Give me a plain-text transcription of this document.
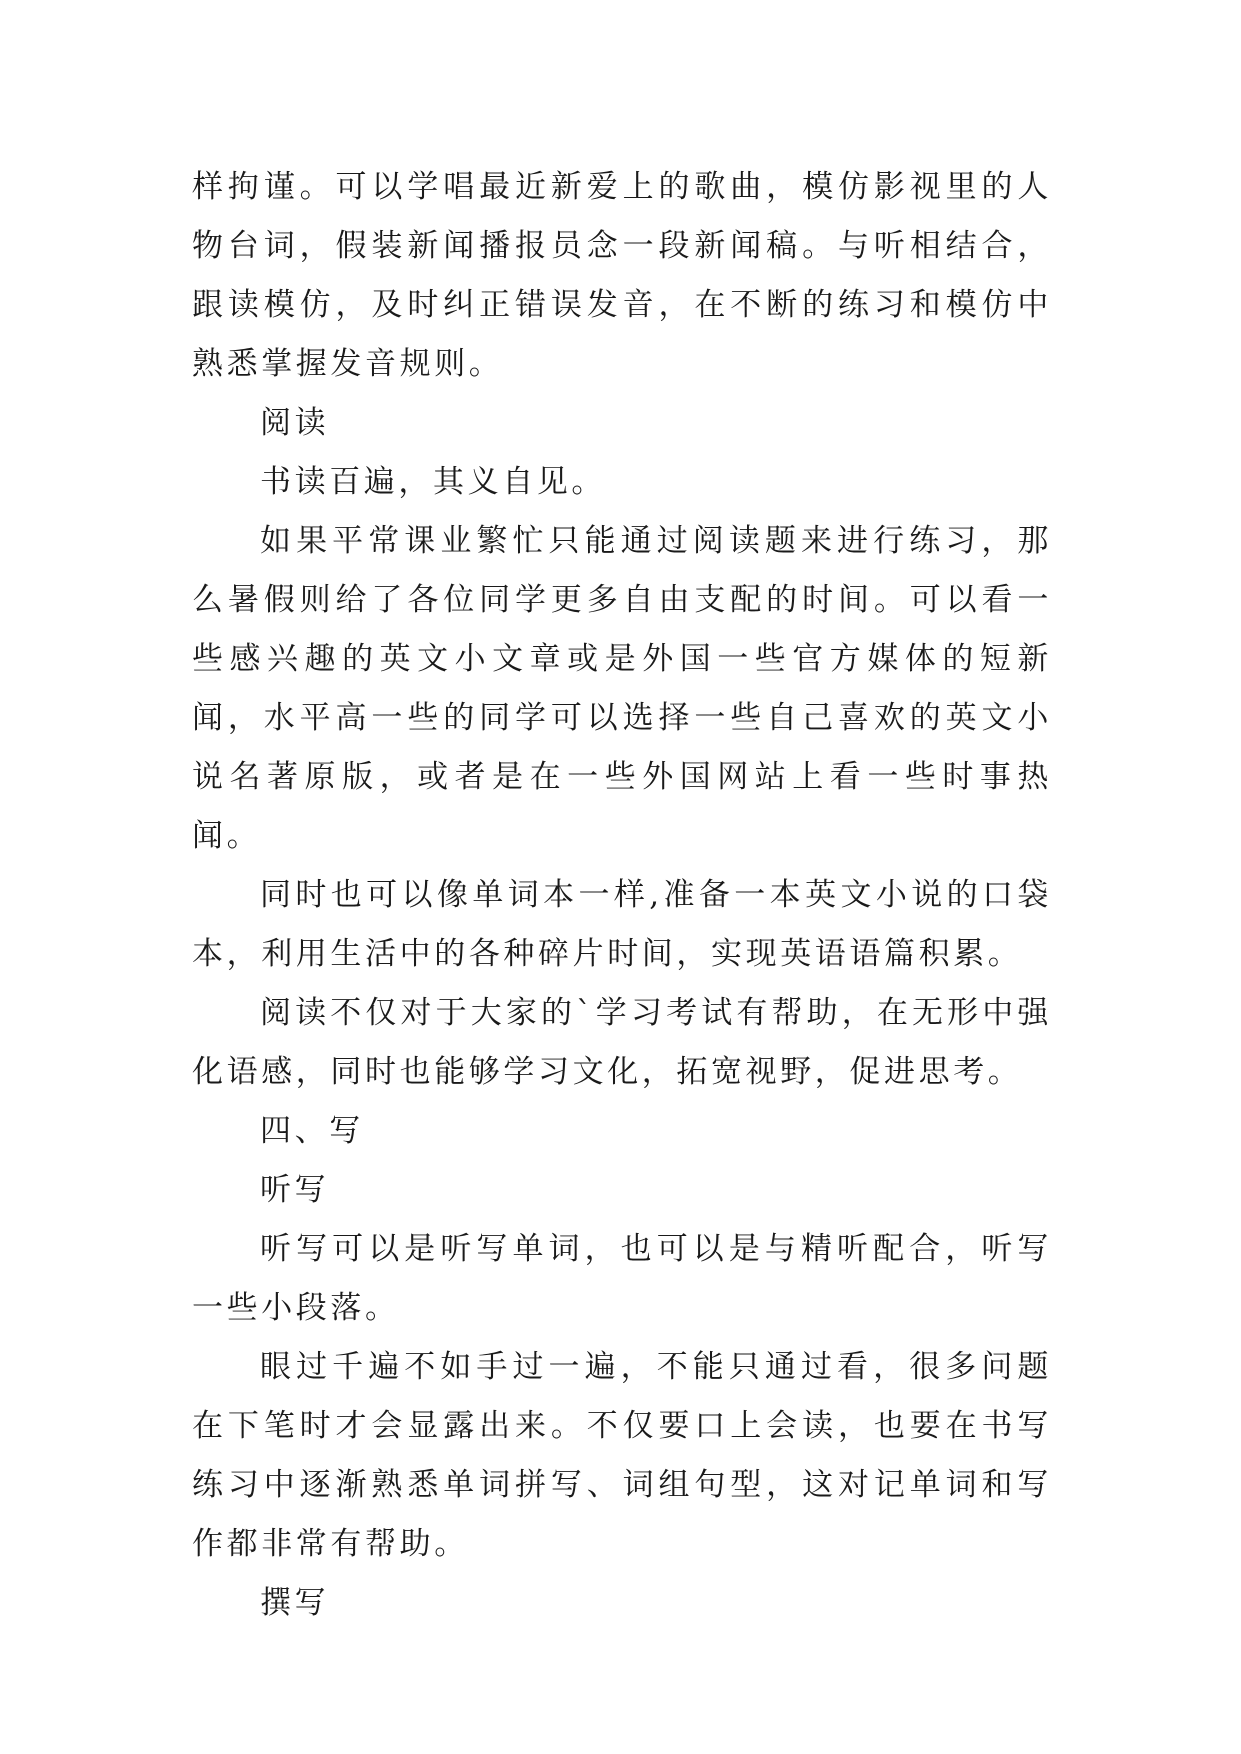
样拘谨。可以学唱最近新爱上的歌曲，模仿影视里的人物台词，假装新闻播报员念一段新闻稿。与听相结合，跟读模仿，及时纠正错误发音，在不断的练习和模仿中熟悉掌握发音规则。

阅读

书读百遍，其义自见。

如果平常课业繁忙只能通过阅读题来进行练习，那么暑假则给了各位同学更多自由支配的时间。可以看一些感兴趣的英文小文章或是外国一些官方媒体的短新闻，水平高一些的同学可以选择一些自己喜欢的英文小说名著原版，或者是在一些外国网站上看一些时事热闻。

同时也可以像单词本一样,准备一本英文小说的口袋本，利用生活中的各种碎片时间，实现英语语篇积累。

阅读不仅对于大家的`学习考试有帮助，在无形中强化语感，同时也能够学习文化，拓宽视野，促进思考。

四、写

听写

听写可以是听写单词，也可以是与精听配合，听写一些小段落。

眼过千遍不如手过一遍，不能只通过看，很多问题在下笔时才会显露出来。不仅要口上会读，也要在书写练习中逐渐熟悉单词拼写、词组句型，这对记单词和写作都非常有帮助。

撰写
